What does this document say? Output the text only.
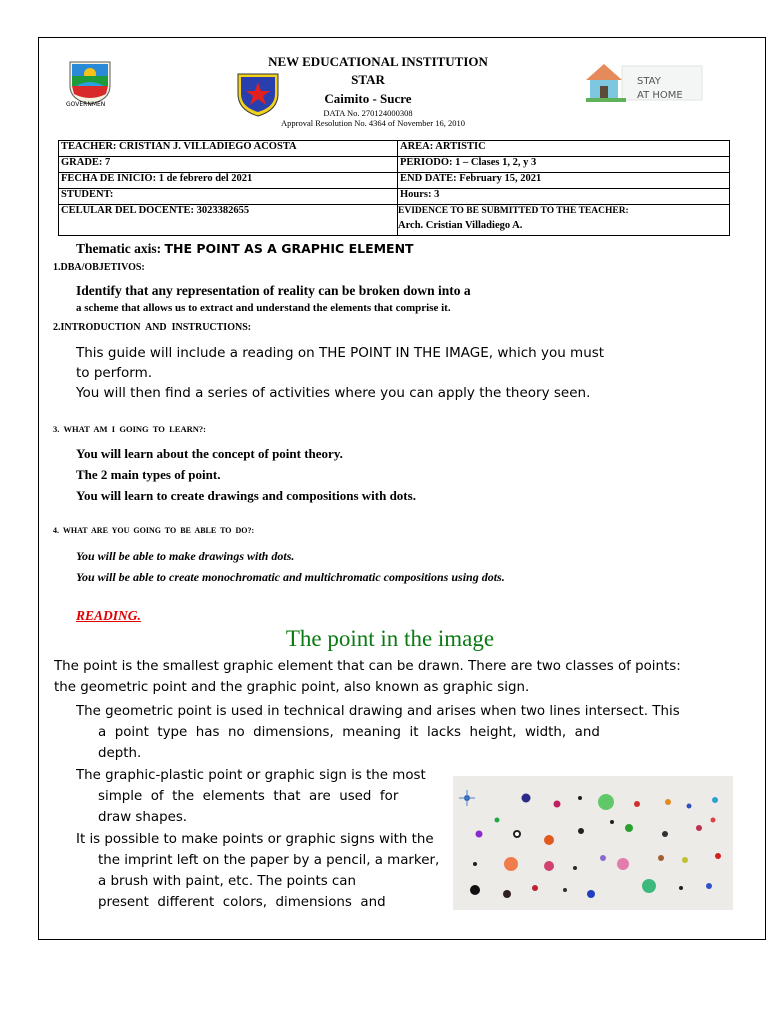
GOVERNMEN
STAY
AT HOME
NEW EDUCATIONAL INSTITUTION
STAR
Caimito - Sucre
DATA No. 270124000308
Approval Resolution No. 4364 of November 16, 2010
TEACHER: CRISTIAN J. VILLADIEGO ACOSTA	AREA: ARTISTIC
GRADE: 7	PERIODO: 1 – Clases 1, 2, y 3
FECHA DE INICIO: 1 de febrero del 2021	END DATE: February 15, 2021
STUDENT:	Hours: 3
CELULAR DEL DOCENTE: 3023382655	EVIDENCE TO BE SUBMITTED TO THE TEACHER:
Arch. Cristian Villadiego A.
Thematic axis: THE POINT AS A GRAPHIC ELEMENT
1.DBA/OBJETIVOS:
Identify that any representation of reality can be broken down into a
a scheme that allows us to extract and understand the elements that comprise it.
2.INTRODUCTION  AND  INSTRUCTIONS:
This guide will include a reading on THE POINT IN THE IMAGE, which you must
to perform.
You will then find a series of activities where you can apply the theory seen.
3.  WHAT  AM  I  GOING  TO  LEARN?:
You will learn about the concept of point theory.
The 2 main types of point.
You will learn to create drawings and compositions with dots.
4.  WHAT  ARE  YOU  GOING  TO  BE  ABLE  TO  DO?:
You will be able to make drawings with dots.
You will be able to create monochromatic and multichromatic compositions using dots.
READING.
The point in the image
The point is the smallest graphic element that can be drawn. There are two classes of points:
the geometric point and the graphic point, also known as graphic sign.
The geometric point is used in technical drawing and arises when two lines intersect. This
a  point  type  has  no  dimensions,  meaning  it  lacks  height,  width,  and
depth.
The graphic-plastic point or graphic sign is the most
simple  of  the  elements  that  are  used  for
draw shapes.
It is possible to make points or graphic signs with the
the imprint left on the paper by a pencil, a marker,
a brush with paint, etc. The points can
present  different  colors,  dimensions  and
